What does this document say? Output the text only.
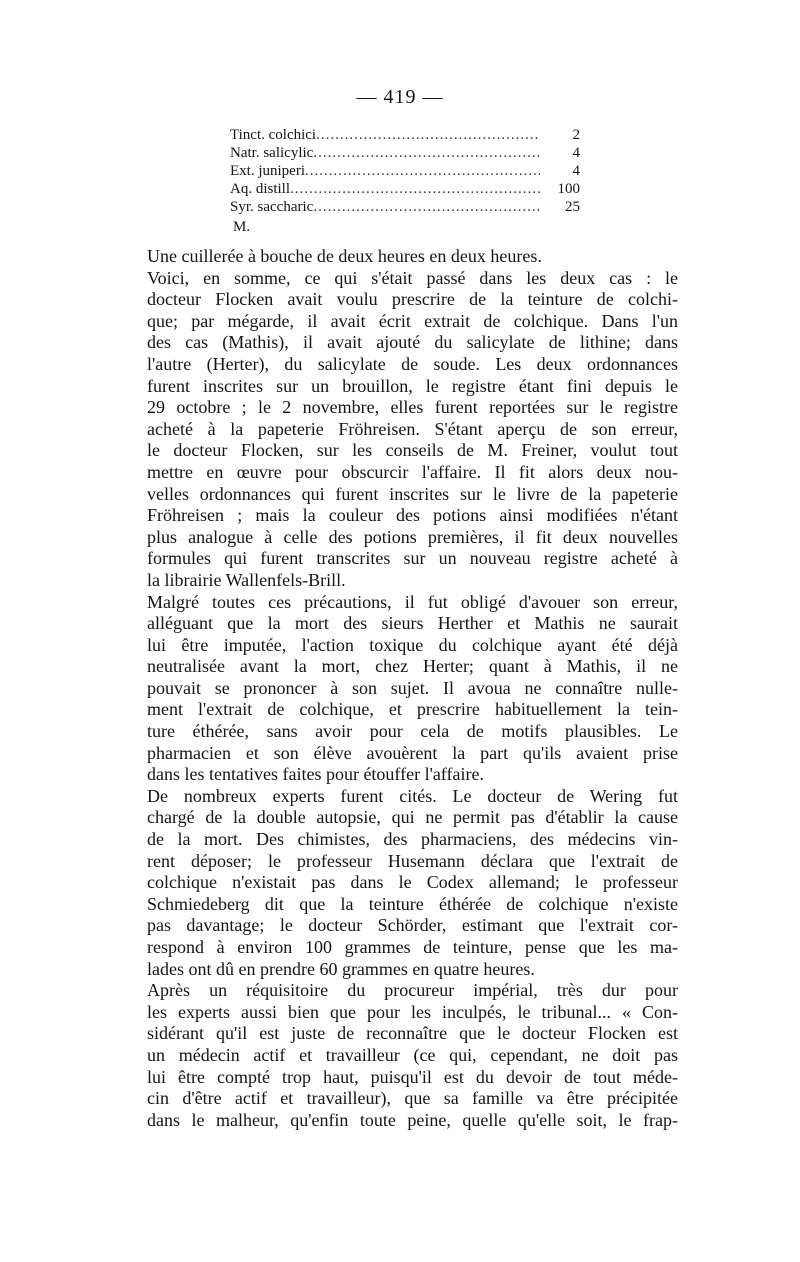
— 419 —
Tinct. colchici .....	2
Natr. salicylic .....	4
Ext. juniperi .....	4
Aq. distill .....	100
Syr. saccharic .....	25
M.

Une cuillerée à bouche de deux heures en deux heures.

Voici, en somme, ce qui s'était passé dans les deux cas : le
docteur Flocken avait voulu prescrire de la teinture de colchi-
que; par mégarde, il avait écrit extrait de colchique. Dans l'un
des cas (Mathis), il avait ajouté du salicylate de lithine; dans
l'autre (Herter), du salicylate de soude. Les deux ordonnances
furent inscrites sur un brouillon, le registre étant fini depuis le
29 octobre ; le 2 novembre, elles furent reportées sur le registre
acheté à la papeterie Fröhreisen. S'étant aperçu de son erreur,
le docteur Flocken, sur les conseils de M. Freiner, voulut tout
mettre en œuvre pour obscurcir l'affaire. Il fit alors deux nou-
velles ordonnances qui furent inscrites sur le livre de la papeterie
Fröhreisen ; mais la couleur des potions ainsi modifiées n'étant
plus analogue à celle des potions premières, il fit deux nouvelles
formules qui furent transcrites sur un nouveau registre acheté à
la librairie Wallenfels-Brill.

Malgré toutes ces précautions, il fut obligé d'avouer son erreur,
alléguant que la mort des sieurs Herther et Mathis ne saurait
lui être imputée, l'action toxique du colchique ayant été déjà
neutralisée avant la mort, chez Herter; quant à Mathis, il ne
pouvait se prononcer à son sujet. Il avoua ne connaître nulle-
ment l'extrait de colchique, et prescrire habituellement la tein-
ture éthérée, sans avoir pour cela de motifs plausibles. Le
pharmacien et son élève avouèrent la part qu'ils avaient prise
dans les tentatives faites pour étouffer l'affaire.

De nombreux experts furent cités. Le docteur de Wering fut
chargé de la double autopsie, qui ne permit pas d'établir la cause
de la mort. Des chimistes, des pharmaciens, des médecins vin-
rent déposer; le professeur Husemann déclara que l'extrait de
colchique n'existait pas dans le Codex allemand; le professeur
Schmiedeberg dit que la teinture éthérée de colchique n'existe
pas davantage; le docteur Schörder, estimant que l'extrait cor-
respond à environ 100 grammes de teinture, pense que les ma-
lades ont dû en prendre 60 grammes en quatre heures.

Après un réquisitoire du procureur impérial, très dur pour
les experts aussi bien que pour les inculpés, le tribunal... « Con-
sidérant qu'il est juste de reconnaître que le docteur Flocken est
un médecin actif et travailleur (ce qui, cependant, ne doit pas
lui être compté trop haut, puisqu'il est du devoir de tout méde-
cin d'être actif et travailleur), que sa famille va être précipitée
dans le malheur, qu'enfin toute peine, quelle qu'elle soit, le frap-
